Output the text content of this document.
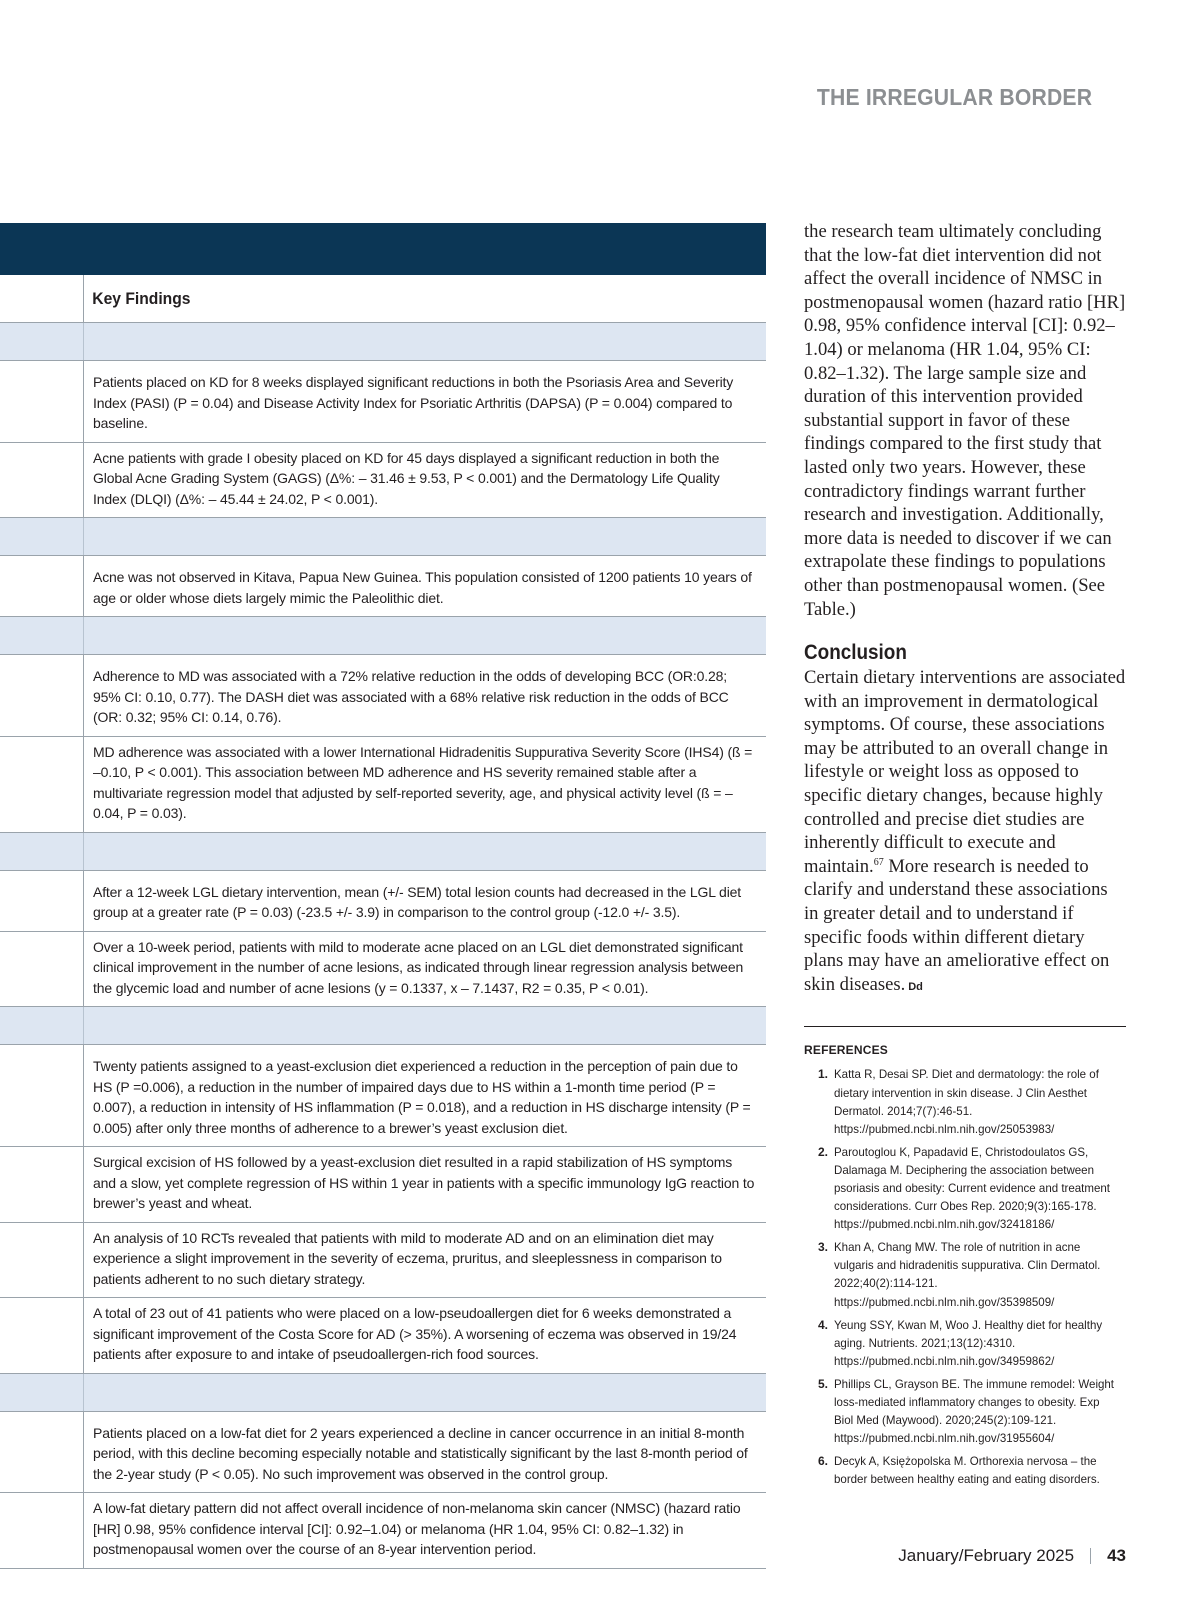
THE IRREGULAR BORDER
Key Findings
Patients placed on KD for 8 weeks displayed significant reductions in both the Psoriasis Area and Severity Index (PASI) (P = 0.04) and Disease Activity Index for Psoriatic Arthritis (DAPSA) (P = 0.004) compared to baseline.
Acne patients with grade I obesity placed on KD for 45 days displayed a significant reduction in both the Global Acne Grading System (GAGS) (Δ%: – 31.46 ± 9.53, P < 0.001) and the Dermatology Life Quality Index (DLQI) (Δ%: – 45.44 ± 24.02, P < 0.001).
Acne was not observed in Kitava, Papua New Guinea. This population consisted of 1200 patients 10 years of age or older whose diets largely mimic the Paleolithic diet.
Adherence to MD was associated with a 72% relative reduction in the odds of developing BCC (OR:0.28; 95% CI: 0.10, 0.77). The DASH diet was associated with a 68% relative risk reduction in the odds of BCC (OR: 0.32; 95% CI: 0.14, 0.76).
MD adherence was associated with a lower International Hidradenitis Suppurativa Severity Score (IHS4) (ß = –0.10, P < 0.001). This association between MD adherence and HS severity remained stable after a multivariate regression model that adjusted by self-reported severity, age, and physical activity level (ß = –0.04, P = 0.03).
After a 12-week LGL dietary intervention, mean (+/- SEM) total lesion counts had decreased in the LGL diet group at a greater rate (P = 0.03) (-23.5 +/- 3.9) in comparison to the control group (-12.0 +/- 3.5).
Over a 10-week period, patients with mild to moderate acne placed on an LGL diet demonstrated significant clinical improvement in the number of acne lesions, as indicated through linear regression analysis between the glycemic load and number of acne lesions (y = 0.1337, x – 7.1437, R2 = 0.35, P < 0.01).
Twenty patients assigned to a yeast-exclusion diet experienced a reduction in the perception of pain due to HS (P =0.006), a reduction in the number of impaired days due to HS within a 1-month time period (P = 0.007), a reduction in intensity of HS inflammation (P = 0.018), and a reduction in HS discharge intensity (P = 0.005) after only three months of adherence to a brewer’s yeast exclusion diet.
Surgical excision of HS followed by a yeast-exclusion diet resulted in a rapid stabilization of HS symptoms and a slow, yet complete regression of HS within 1 year in patients with a specific immunology IgG reaction to brewer’s yeast and wheat.
An analysis of 10 RCTs revealed that patients with mild to moderate AD and on an elimination diet may experience a slight improvement in the severity of eczema, pruritus, and sleeplessness in comparison to patients adherent to no such dietary strategy.
A total of 23 out of 41 patients who were placed on a low-pseudoallergen diet for 6 weeks demonstrated a significant improvement of the Costa Score for AD (> 35%). A worsening of eczema was observed in 19/24 patients after exposure to and intake of pseudoallergen-rich food sources.
Patients placed on a low-fat diet for 2 years experienced a decline in cancer occurrence in an initial 8-month period, with this decline becoming especially notable and statistically significant by the last 8-month period of the 2-year study (P < 0.05). No such improvement was observed in the control group.
A low-fat dietary pattern did not affect overall incidence of non-melanoma skin cancer (NMSC) (hazard ratio [HR] 0.98, 95% confidence interval [CI]: 0.92–1.04) or melanoma (HR 1.04, 95% CI: 0.82–1.32) in postmenopausal women over the course of an 8-year intervention period.

the research team ultimately concluding that the low-fat diet intervention did not affect the overall incidence of NMSC in postmenopausal women (hazard ratio [HR] 0.98, 95% confidence interval [CI]: 0.92–1.04) or melanoma (HR 1.04, 95% CI: 0.82–1.32). The large sample size and duration of this intervention provided substantial support in favor of these findings compared to the first study that lasted only two years. However, these contradictory findings warrant further research and investigation. Additionally, more data is needed to discover if we can extrapolate these findings to populations other than postmenopausal women. (See Table.)

Conclusion

Certain dietary interventions are associated with an improvement in dermatological symptoms. Of course, these associations may be attributed to an overall change in lifestyle or weight loss as opposed to specific dietary changes, because highly controlled and precise diet studies are inherently difficult to execute and maintain.$^{67}$ More research is needed to clarify and understand these associations in greater detail and to understand if specific foods within different dietary plans may have an ameliorative effect on skin diseases. Dd

REFERENCES
1. Katta R, Desai SP. Diet and dermatology: the role of dietary intervention in skin disease. J Clin Aesthet Dermatol. 2014;7(7):46-51. https://pubmed.ncbi.nlm.nih.gov/25053983/
2. Paroutoglou K, Papadavid E, Christodoulatos GS, Dalamaga M. Deciphering the association between psoriasis and obesity: Current evidence and treatment considerations. Curr Obes Rep. 2020;9(3):165-178. https://pubmed.ncbi.nlm.nih.gov/32418186/
3. Khan A, Chang MW. The role of nutrition in acne vulgaris and hidradenitis suppurativa. Clin Dermatol. 2022;40(2):114-121. https://pubmed.ncbi.nlm.nih.gov/35398509/
4. Yeung SSY, Kwan M, Woo J. Healthy diet for healthy aging. Nutrients. 2021;13(12):4310. https://pubmed.ncbi.nlm.nih.gov/34959862/
5. Phillips CL, Grayson BE. The immune remodel: Weight loss-mediated inflammatory changes to obesity. Exp Biol Med (Maywood). 2020;245(2):109-121. https://pubmed.ncbi.nlm.nih.gov/31955604/
6. Decyk A, Księżopolska M. Orthorexia nervosa – the border between healthy eating and eating disorders.
January/February 2025 43
